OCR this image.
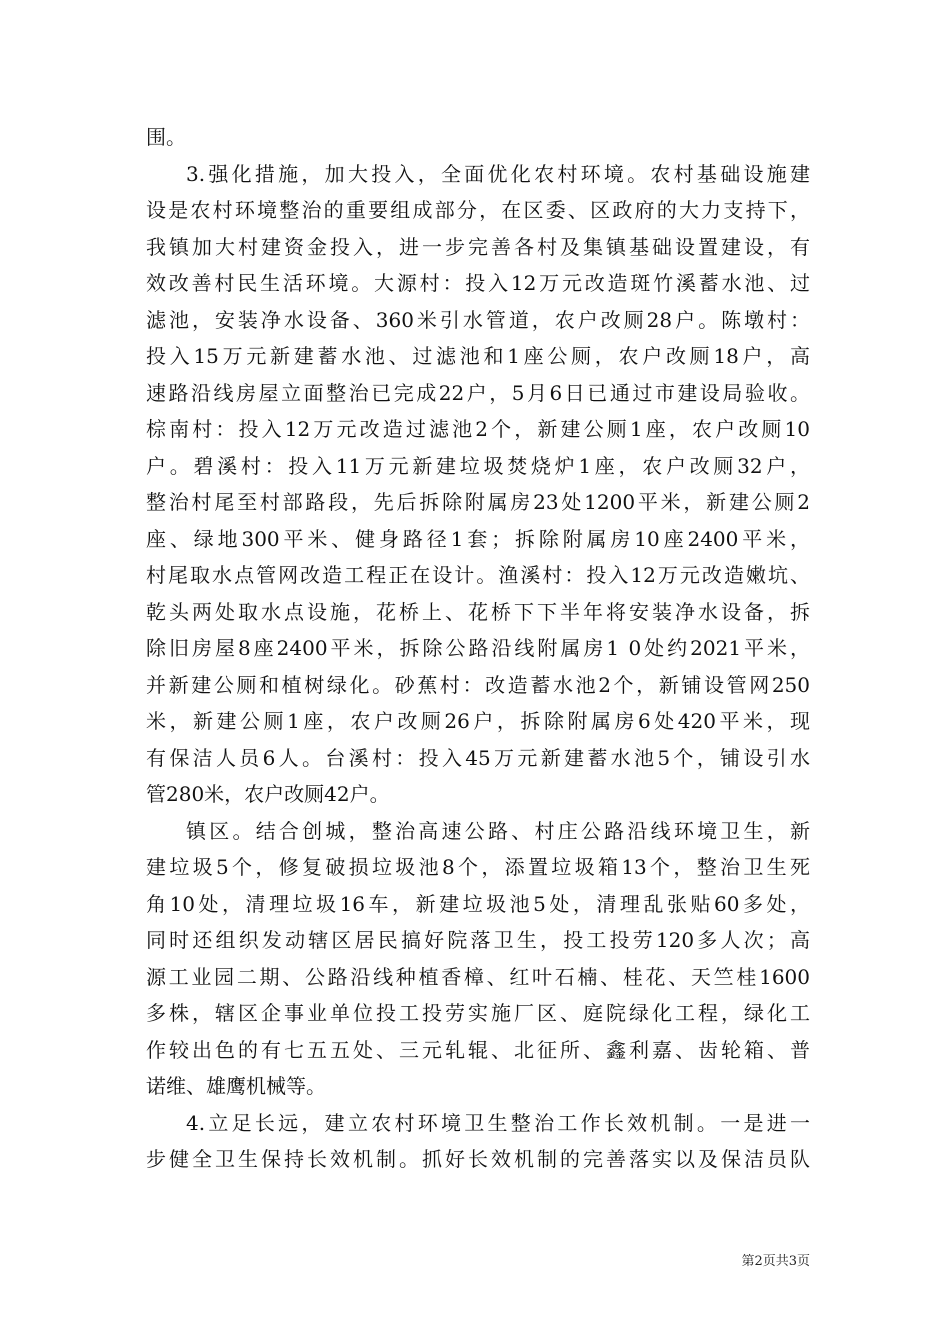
围。
3.强化措施，加大投入，全面优化农村环境。农村基础设施建
设是农村环境整治的重要组成部分，在区委、区政府的大力支持下，
我镇加大村建资金投入，进一步完善各村及集镇基础设置建设，有
效改善村民生活环境。大源村：投入12万元改造斑竹溪蓄水池、过
滤池，安装净水设备、360米引水管道，农户改厕28户。陈墩村：
投入15万元新建蓄水池、过滤池和1座公厕，农户改厕18户，高
速路沿线房屋立面整治已完成22户，5月6日已通过市建设局验收。
棕南村：投入12万元改造过滤池2个，新建公厕1座，农户改厕10
户。碧溪村：投入11万元新建垃圾焚烧炉1座，农户改厕32户，
整治村尾至村部路段，先后拆除附属房23处1200平米，新建公厕2
座、绿地300平米、健身路径1套；拆除附属房10座2400平米，
村尾取水点管网改造工程正在设计。渔溪村：投入12万元改造嫩坑、
乾头两处取水点设施，花桥上、花桥下下半年将安装净水设备，拆
除旧房屋8座2400平米，拆除公路沿线附属房1 0处约2021平米，
并新建公厕和植树绿化。砂蕉村：改造蓄水池2个，新铺设管网250
米，新建公厕1座，农户改厕26户，拆除附属房6处420平米，现
有保洁人员6人。台溪村：投入45万元新建蓄水池5个，铺设引水
管280米，农户改厕42户。
镇区。结合创城，整治高速公路、村庄公路沿线环境卫生，新
建垃圾5个，修复破损垃圾池8个，添置垃圾箱13个，整治卫生死
角10处，清理垃圾16车，新建垃圾池5处，清理乱张贴60多处，
同时还组织发动辖区居民搞好院落卫生，投工投劳120多人次；高
源工业园二期、公路沿线种植香樟、红叶石楠、桂花、天竺桂1600
多株，辖区企事业单位投工投劳实施厂区、庭院绿化工程，绿化工
作较出色的有七五五处、三元轧辊、北征所、鑫利嘉、齿轮箱、普
诺维、雄鹰机械等。
4.立足长远，建立农村环境卫生整治工作长效机制。一是进一
步健全卫生保持长效机制。抓好长效机制的完善落实以及保洁员队
第2页共3页
